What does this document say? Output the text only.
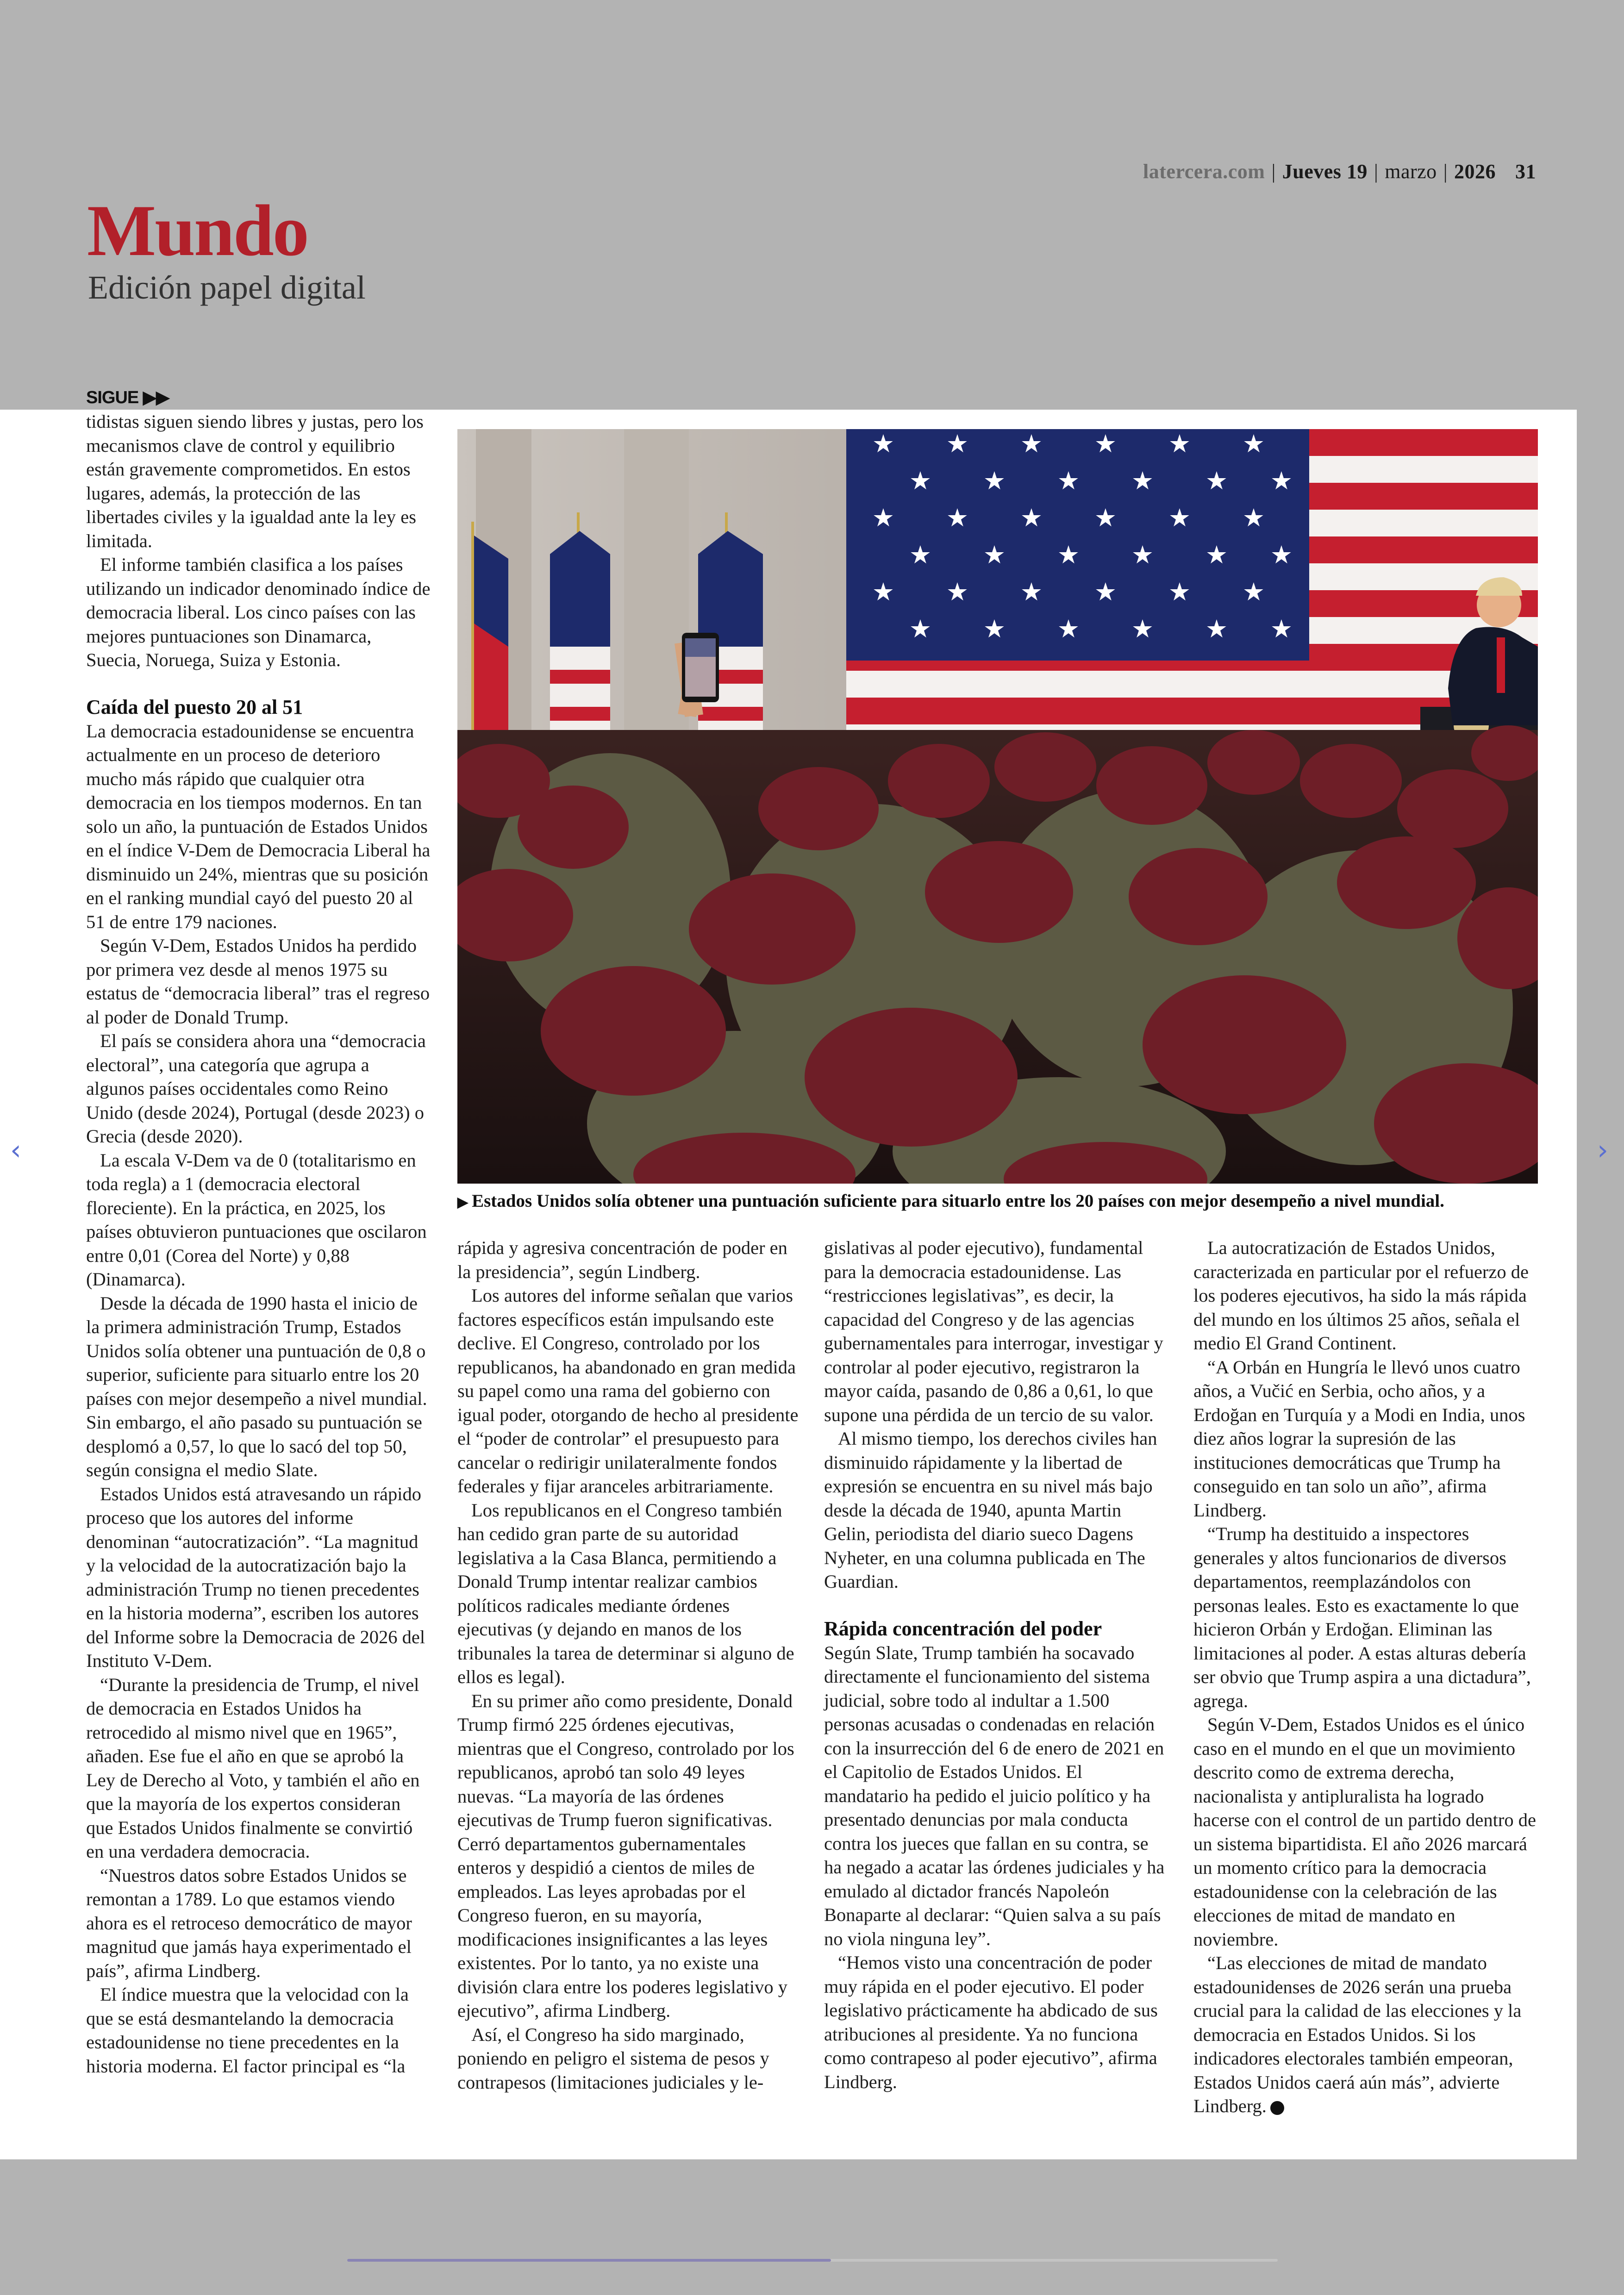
latercera.com | Jueves 19 | marzo | 2026 31
Mundo
Edición papel digital
SIGUE ▶▶

tidistas siguen siendo libres y justas, pero los mecanismos clave de control y equilibrio están gravemente comprometidos. En estos lugares, además, la protección de las libertades civiles y la igualdad ante la ley es limitada.

El informe también clasifica a los países utilizando un indicador denominado índice de democracia liberal. Los cinco países con las mejores puntuaciones son Dinamarca, Suecia, Noruega, Suiza y Estonia.

Caída del puesto 20 al 51

La democracia estadounidense se encuentra actualmente en un proceso de deterioro mucho más rápido que cualquier otra democracia en los tiempos modernos. En tan solo un año, la puntuación de Estados Unidos en el índice V-Dem de Democracia Liberal ha disminuido un 24%, mientras que su posición en el ranking mundial cayó del puesto 20 al 51 de entre 179 naciones.

Según V-Dem, Estados Unidos ha perdido por primera vez desde al menos 1975 su estatus de “democracia liberal” tras el regreso al poder de Donald Trump.

El país se considera ahora una “democracia electoral”, una categoría que agrupa a algunos países occidentales como Reino Unido (desde 2024), Portugal (desde 2023) o Grecia (desde 2020).

La escala V-Dem va de 0 (totalitarismo en toda regla) a 1 (democracia electoral floreciente). En la práctica, en 2025, los países obtuvieron puntuaciones que oscilaron entre 0,01 (Corea del Norte) y 0,88 (Dinamarca).

Desde la década de 1990 hasta el inicio de la primera administración Trump, Estados Unidos solía obtener una puntuación de 0,8 o superior, suficiente para situarlo entre los 20 países con mejor desempeño a nivel mundial. Sin embargo, el año pasado su puntuación se desplomó a 0,57, lo que lo sacó del top 50, según consigna el medio Slate.

Estados Unidos está atravesando un rápido proceso que los autores del informe denominan “autocratización”. “La magnitud y la velocidad de la autocratización bajo la administración Trump no tienen precedentes en la historia moderna”, escriben los autores del Informe sobre la Democracia de 2026 del Instituto V-Dem.

“Durante la presidencia de Trump, el nivel de democracia en Estados Unidos ha retrocedido al mismo nivel que en 1965”, añaden. Ese fue el año en que se aprobó la Ley de Derecho al Voto, y también el año en que la mayoría de los expertos consideran que Estados Unidos finalmente se convirtió en una verdadera democracia.

“Nuestros datos sobre Estados Unidos se remontan a 1789. Lo que estamos viendo ahora es el retroceso democrático de mayor magnitud que jamás haya experimentado el país”, afirma Lindberg.

El índice muestra que la velocidad con la que se está desmantelando la democracia estadounidense no tiene precedentes en la historia moderna. El factor principal es “la

★ ★ ★ ★ ★ ★
★ ★ ★ ★ ★ ★
★ ★ ★ ★ ★ ★
★ ★ ★ ★ ★ ★
★ ★ ★ ★ ★ ★
★ ★ ★ ★ ★ ★
▶ Estados Unidos solía obtener una puntuación suficiente para situarlo entre los 20 países con mejor desempeño a nivel mundial.

rápida y agresiva concentración de poder en la presidencia”, según Lindberg.

Los autores del informe señalan que varios factores específicos están impulsando este declive. El Congreso, controlado por los republicanos, ha abandonado en gran medida su papel como una rama del gobierno con igual poder, otorgando de hecho al presidente el “poder de controlar” el presupuesto para cancelar o redirigir unilateralmente fondos federales y fijar aranceles arbitrariamente.

Los republicanos en el Congreso también han cedido gran parte de su autoridad legislativa a la Casa Blanca, permitiendo a Donald Trump intentar realizar cambios políticos radicales mediante órdenes ejecutivas (y dejando en manos de los tribunales la tarea de determinar si alguno de ellos es legal).

En su primer año como presidente, Donald Trump firmó 225 órdenes ejecutivas, mientras que el Congreso, controlado por los republicanos, aprobó tan solo 49 leyes nuevas. “La mayoría de las órdenes ejecutivas de Trump fueron significativas. Cerró departamentos gubernamentales enteros y despidió a cientos de miles de empleados. Las leyes aprobadas por el Congreso fueron, en su mayoría, modificaciones insignificantes a las leyes existentes. Por lo tanto, ya no existe una división clara entre los poderes legislativo y ejecutivo”, afirma Lindberg.

Así, el Congreso ha sido marginado, poniendo en peligro el sistema de pesos y contrapesos (limitaciones judiciales y le-

gislativas al poder ejecutivo), fundamental para la democracia estadounidense. Las “restricciones legislativas”, es decir, la capacidad del Congreso y de las agencias gubernamentales para interrogar, investigar y controlar al poder ejecutivo, registraron la mayor caída, pasando de 0,86 a 0,61, lo que supone una pérdida de un tercio de su valor.

Al mismo tiempo, los derechos civiles han disminuido rápidamente y la libertad de expresión se encuentra en su nivel más bajo desde la década de 1940, apunta Martin Gelin, periodista del diario sueco Dagens Nyheter, en una columna publicada en The Guardian.

Rápida concentración del poder

Según Slate, Trump también ha socavado directamente el funcionamiento del sistema judicial, sobre todo al indultar a 1.500 personas acusadas o condenadas en relación con la insurrección del 6 de enero de 2021 en el Capitolio de Estados Unidos. El mandatario ha pedido el juicio político y ha presentado denuncias por mala conducta contra los jueces que fallan en su contra, se ha negado a acatar las órdenes judiciales y ha emulado al dictador francés Napoleón Bonaparte al declarar: “Quien salva a su país no viola ninguna ley”.

“Hemos visto una concentración de poder muy rápida en el poder ejecutivo. El poder legislativo prácticamente ha abdicado de sus atribuciones al presidente. Ya no funciona como contrapeso al poder ejecutivo”, afirma Lindberg.

La autocratización de Estados Unidos, caracterizada en particular por el refuerzo de los poderes ejecutivos, ha sido la más rápida del mundo en los últimos 25 años, señala el medio El Grand Continent.

“A Orbán en Hungría le llevó unos cuatro años, a Vučić en Serbia, ocho años, y a Erdoğan en Turquía y a Modi en India, unos diez años lograr la supresión de las instituciones democráticas que Trump ha conseguido en tan solo un año”, afirma Lindberg.

“Trump ha destituido a inspectores generales y altos funcionarios de diversos departamentos, reemplazándolos con personas leales. Esto es exactamente lo que hicieron Orbán y Erdoğan. Eliminan las limitaciones al poder. A estas alturas debería ser obvio que Trump aspira a una dictadura”, agrega.

Según V-Dem, Estados Unidos es el único caso en el mundo en el que un movimiento descrito como de extrema derecha, nacionalista y antipluralista ha logrado hacerse con el control de un partido dentro de un sistema bipartidista. El año 2026 marcará un momento crítico para la democracia estadounidense con la celebración de las elecciones de mitad de mandato en noviembre.

“Las elecciones de mitad de mandato estadounidenses de 2026 serán una prueba crucial para la calidad de las elecciones y la democracia en Estados Unidos. Si los indicadores electorales también empeoran, Estados Unidos caerá aún más”, advierte Lindberg.

‹	›
